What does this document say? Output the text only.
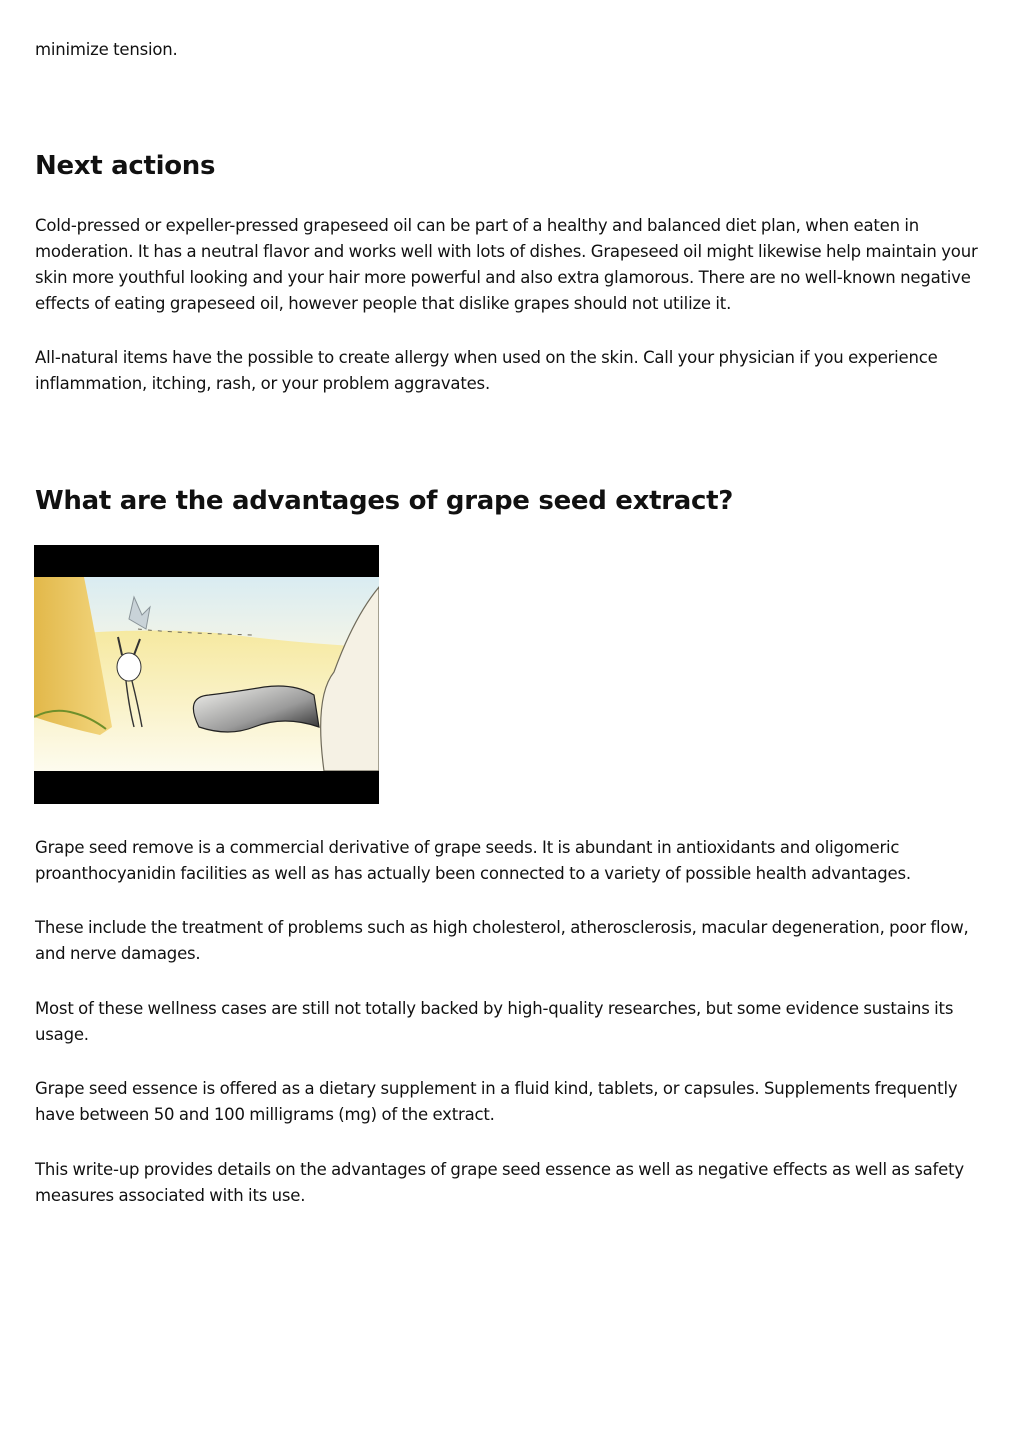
minimize tension.

Next actions

Cold-pressed or expeller-pressed grapeseed oil can be part of a healthy and balanced diet plan, when eaten in moderation. It has a neutral flavor and works well with lots of dishes. Grapeseed oil might likewise help maintain your skin more youthful looking and your hair more powerful and also extra glamorous. There are no well-known negative effects of eating grapeseed oil, however people that dislike grapes should not utilize it.

All-natural items have the possible to create allergy when used on the skin. Call your physician if you experience inflammation, itching, rash, or your problem aggravates.

What are the advantages of grape seed extract?

Grape seed remove is a commercial derivative of grape seeds. It is abundant in antioxidants and oligomeric proanthocyanidin facilities as well as has actually been connected to a variety of possible health advantages.

These include the treatment of problems such as high cholesterol, atherosclerosis, macular degeneration, poor flow, and nerve damages.

Most of these wellness cases are still not totally backed by high-quality researches, but some evidence sustains its usage.

Grape seed essence is offered as a dietary supplement in a fluid kind, tablets, or capsules. Supplements frequently have between 50 and 100 milligrams (mg) of the extract.

This write-up provides details on the advantages of grape seed essence as well as negative effects as well as safety measures associated with its use.
